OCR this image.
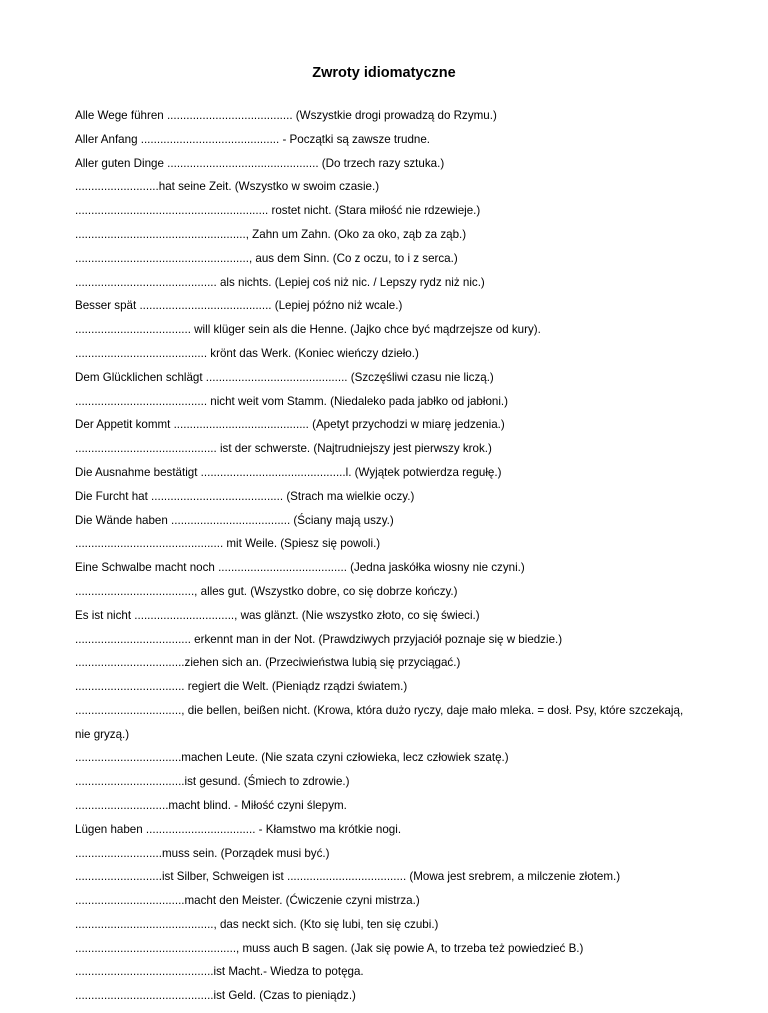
Zwroty idiomatyczne
Alle Wege führen ....................................... (Wszystkie drogi prowadzą do Rzymu.)
Aller Anfang ........................................... - Początki są zawsze trudne.
Aller guten Dinge ............................................... (Do trzech razy sztuka.)
..........................hat seine Zeit. (Wszystko w swoim czasie.)
............................................................ rostet nicht. (Stara miłość nie rdzewieje.)
....................................................., Zahn um Zahn. (Oko za oko, ząb za ząb.)
......................................................, aus dem Sinn. (Co z oczu, to i z serca.)
............................................ als nichts. (Lepiej coś niż nic. / Lepszy rydz niż nic.)
Besser spät ......................................... (Lepiej późno niż wcale.)
.................................... will klüger sein als die Henne. (Jajko chce być mądrzejsze od kury).
......................................... krönt das Werk. (Koniec wieńczy dzieło.)
Dem Glücklichen schlägt ............................................ (Szczęśliwi czasu nie liczą.)
......................................... nicht weit vom Stamm. (Niedaleko pada jabłko od jabłoni.)
Der Appetit kommt .......................................... (Apetyt przychodzi w miarę jedzenia.)
............................................ ist der schwerste. (Najtrudniejszy jest pierwszy krok.)
Die Ausnahme bestätigt .............................................l. (Wyjątek potwierdza regułę.)
Die Furcht hat ......................................... (Strach ma wielkie oczy.)
Die Wände haben ..................................... (Ściany mają uszy.)
.............................................. mit Weile. (Spiesz się powoli.)
Eine Schwalbe macht noch ........................................ (Jedna jaskółka wiosny nie czyni.)
....................................., alles gut. (Wszystko dobre, co się dobrze kończy.)
Es ist nicht ..............................., was glänzt. (Nie wszystko złoto, co się świeci.)
.................................... erkennt man in der Not. (Prawdziwych przyjaciół poznaje się w biedzie.)
..................................ziehen sich an. (Przeciwieństwa lubią się przyciągać.)
.................................. regiert die Welt. (Pieniądz rządzi światem.)
................................., die bellen, beißen nicht. (Krowa, która dużo ryczy, daje mało mleka. = dosł. Psy, które szczekają, nie gryzą.)
.................................machen Leute. (Nie szata czyni człowieka, lecz człowiek szatę.)
..................................ist gesund. (Śmiech to zdrowie.)
.............................macht blind. - Miłość czyni ślepym.
Lügen haben .................................. - Kłamstwo ma krótkie nogi.
...........................muss sein. (Porządek musi być.)
...........................ist Silber, Schweigen ist ..................................... (Mowa jest srebrem, a milczenie złotem.)
..................................macht den Meister. (Ćwiczenie czyni mistrza.)
..........................................., das neckt sich. (Kto się lubi, ten się czubi.)
.................................................., muss auch B sagen. (Jak się powie A, to trzeba też powiedzieć B.)
...........................................ist Macht.- Wiedza to potęga.
...........................................ist Geld. (Czas to pieniądz.)
